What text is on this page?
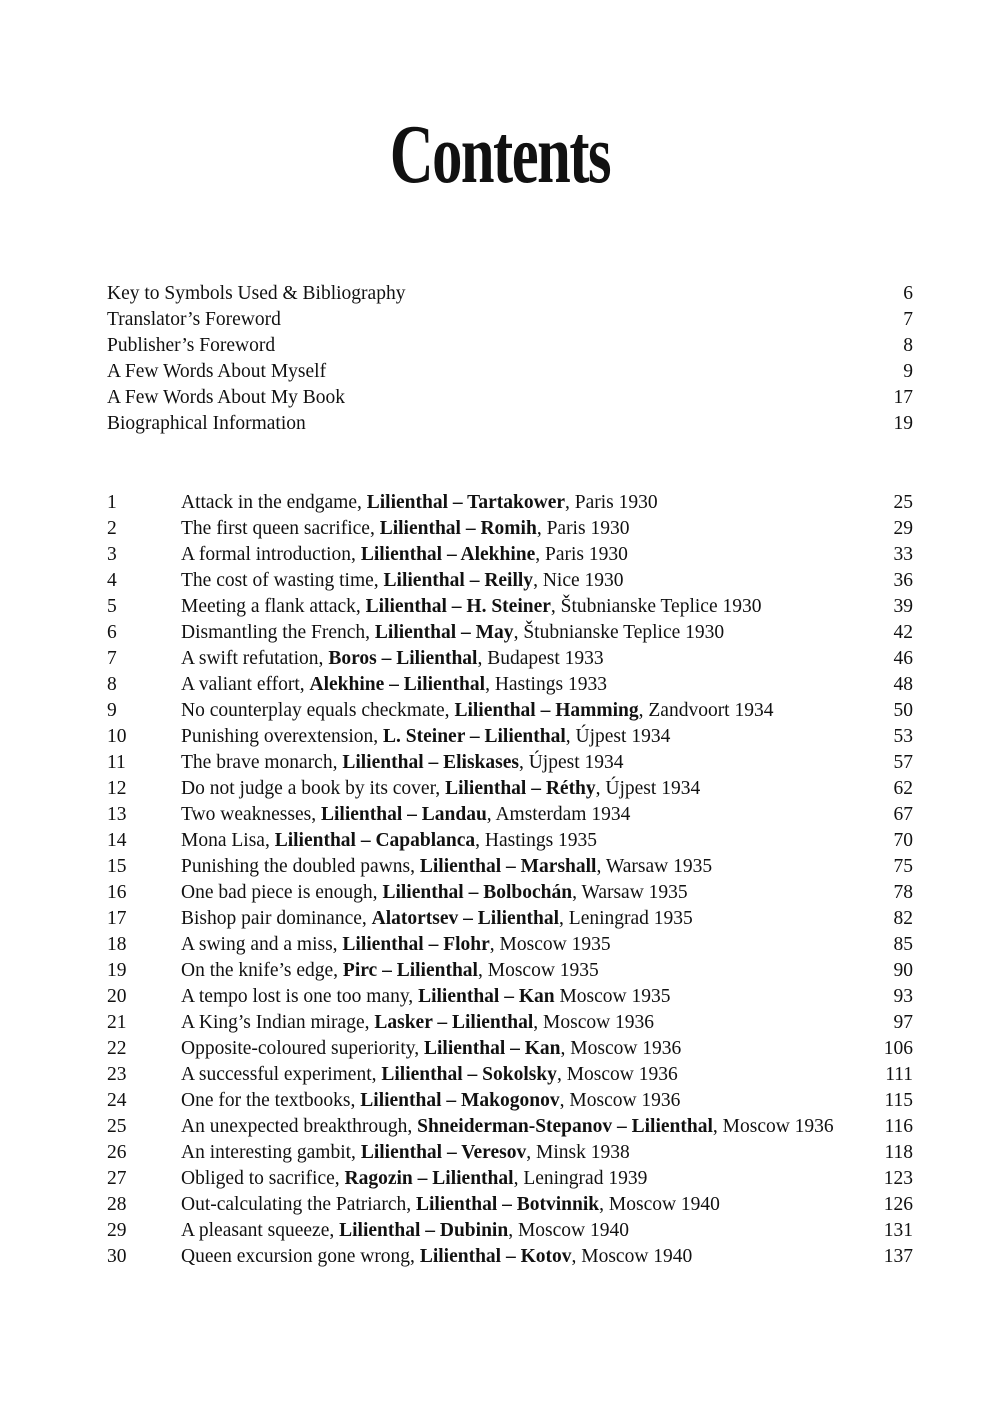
Contents
Key to Symbols Used & Bibliography	6
Translator’s Foreword	7
Publisher’s Foreword	8
A Few Words About Myself	9
A Few Words About My Book	17
Biographical Information	19
1	Attack in the endgame, Lilienthal – Tartakower, Paris 1930	25
2	The first queen sacrifice, Lilienthal – Romih, Paris 1930	29
3	A formal introduction, Lilienthal – Alekhine, Paris 1930	33
4	The cost of wasting time, Lilienthal – Reilly, Nice 1930	36
5	Meeting a flank attack, Lilienthal – H. Steiner, Štubnianske Teplice 1930	39
6	Dismantling the French, Lilienthal – May, Štubnianske Teplice 1930	42
7	A swift refutation, Boros – Lilienthal, Budapest 1933	46
8	A valiant effort, Alekhine – Lilienthal, Hastings 1933	48
9	No counterplay equals checkmate, Lilienthal – Hamming, Zandvoort 1934	50
10	Punishing overextension, L. Steiner – Lilienthal, Újpest 1934	53
11	The brave monarch, Lilienthal – Eliskases, Újpest 1934	57
12	Do not judge a book by its cover, Lilienthal – Réthy, Újpest 1934	62
13	Two weaknesses, Lilienthal – Landau, Amsterdam 1934	67
14	Mona Lisa, Lilienthal – Capablanca, Hastings 1935	70
15	Punishing the doubled pawns, Lilienthal – Marshall, Warsaw 1935	75
16	One bad piece is enough, Lilienthal – Bolbochán, Warsaw 1935	78
17	Bishop pair dominance, Alatortsev – Lilienthal, Leningrad 1935	82
18	A swing and a miss, Lilienthal – Flohr, Moscow 1935	85
19	On the knife’s edge, Pirc – Lilienthal, Moscow 1935	90
20	A tempo lost is one too many, Lilienthal – Kan Moscow 1935	93
21	A King’s Indian mirage, Lasker – Lilienthal, Moscow 1936	97
22	Opposite-coloured superiority, Lilienthal – Kan, Moscow 1936	106
23	A successful experiment, Lilienthal – Sokolsky, Moscow 1936	111
24	One for the textbooks, Lilienthal – Makogonov, Moscow 1936	115
25	An unexpected breakthrough, Shneiderman-Stepanov – Lilienthal, Moscow 1936	116
26	An interesting gambit, Lilienthal – Veresov, Minsk 1938	118
27	Obliged to sacrifice, Ragozin – Lilienthal, Leningrad 1939	123
28	Out-calculating the Patriarch, Lilienthal – Botvinnik, Moscow 1940	126
29	A pleasant squeeze, Lilienthal – Dubinin, Moscow 1940	131
30	Queen excursion gone wrong, Lilienthal – Kotov, Moscow 1940	137
